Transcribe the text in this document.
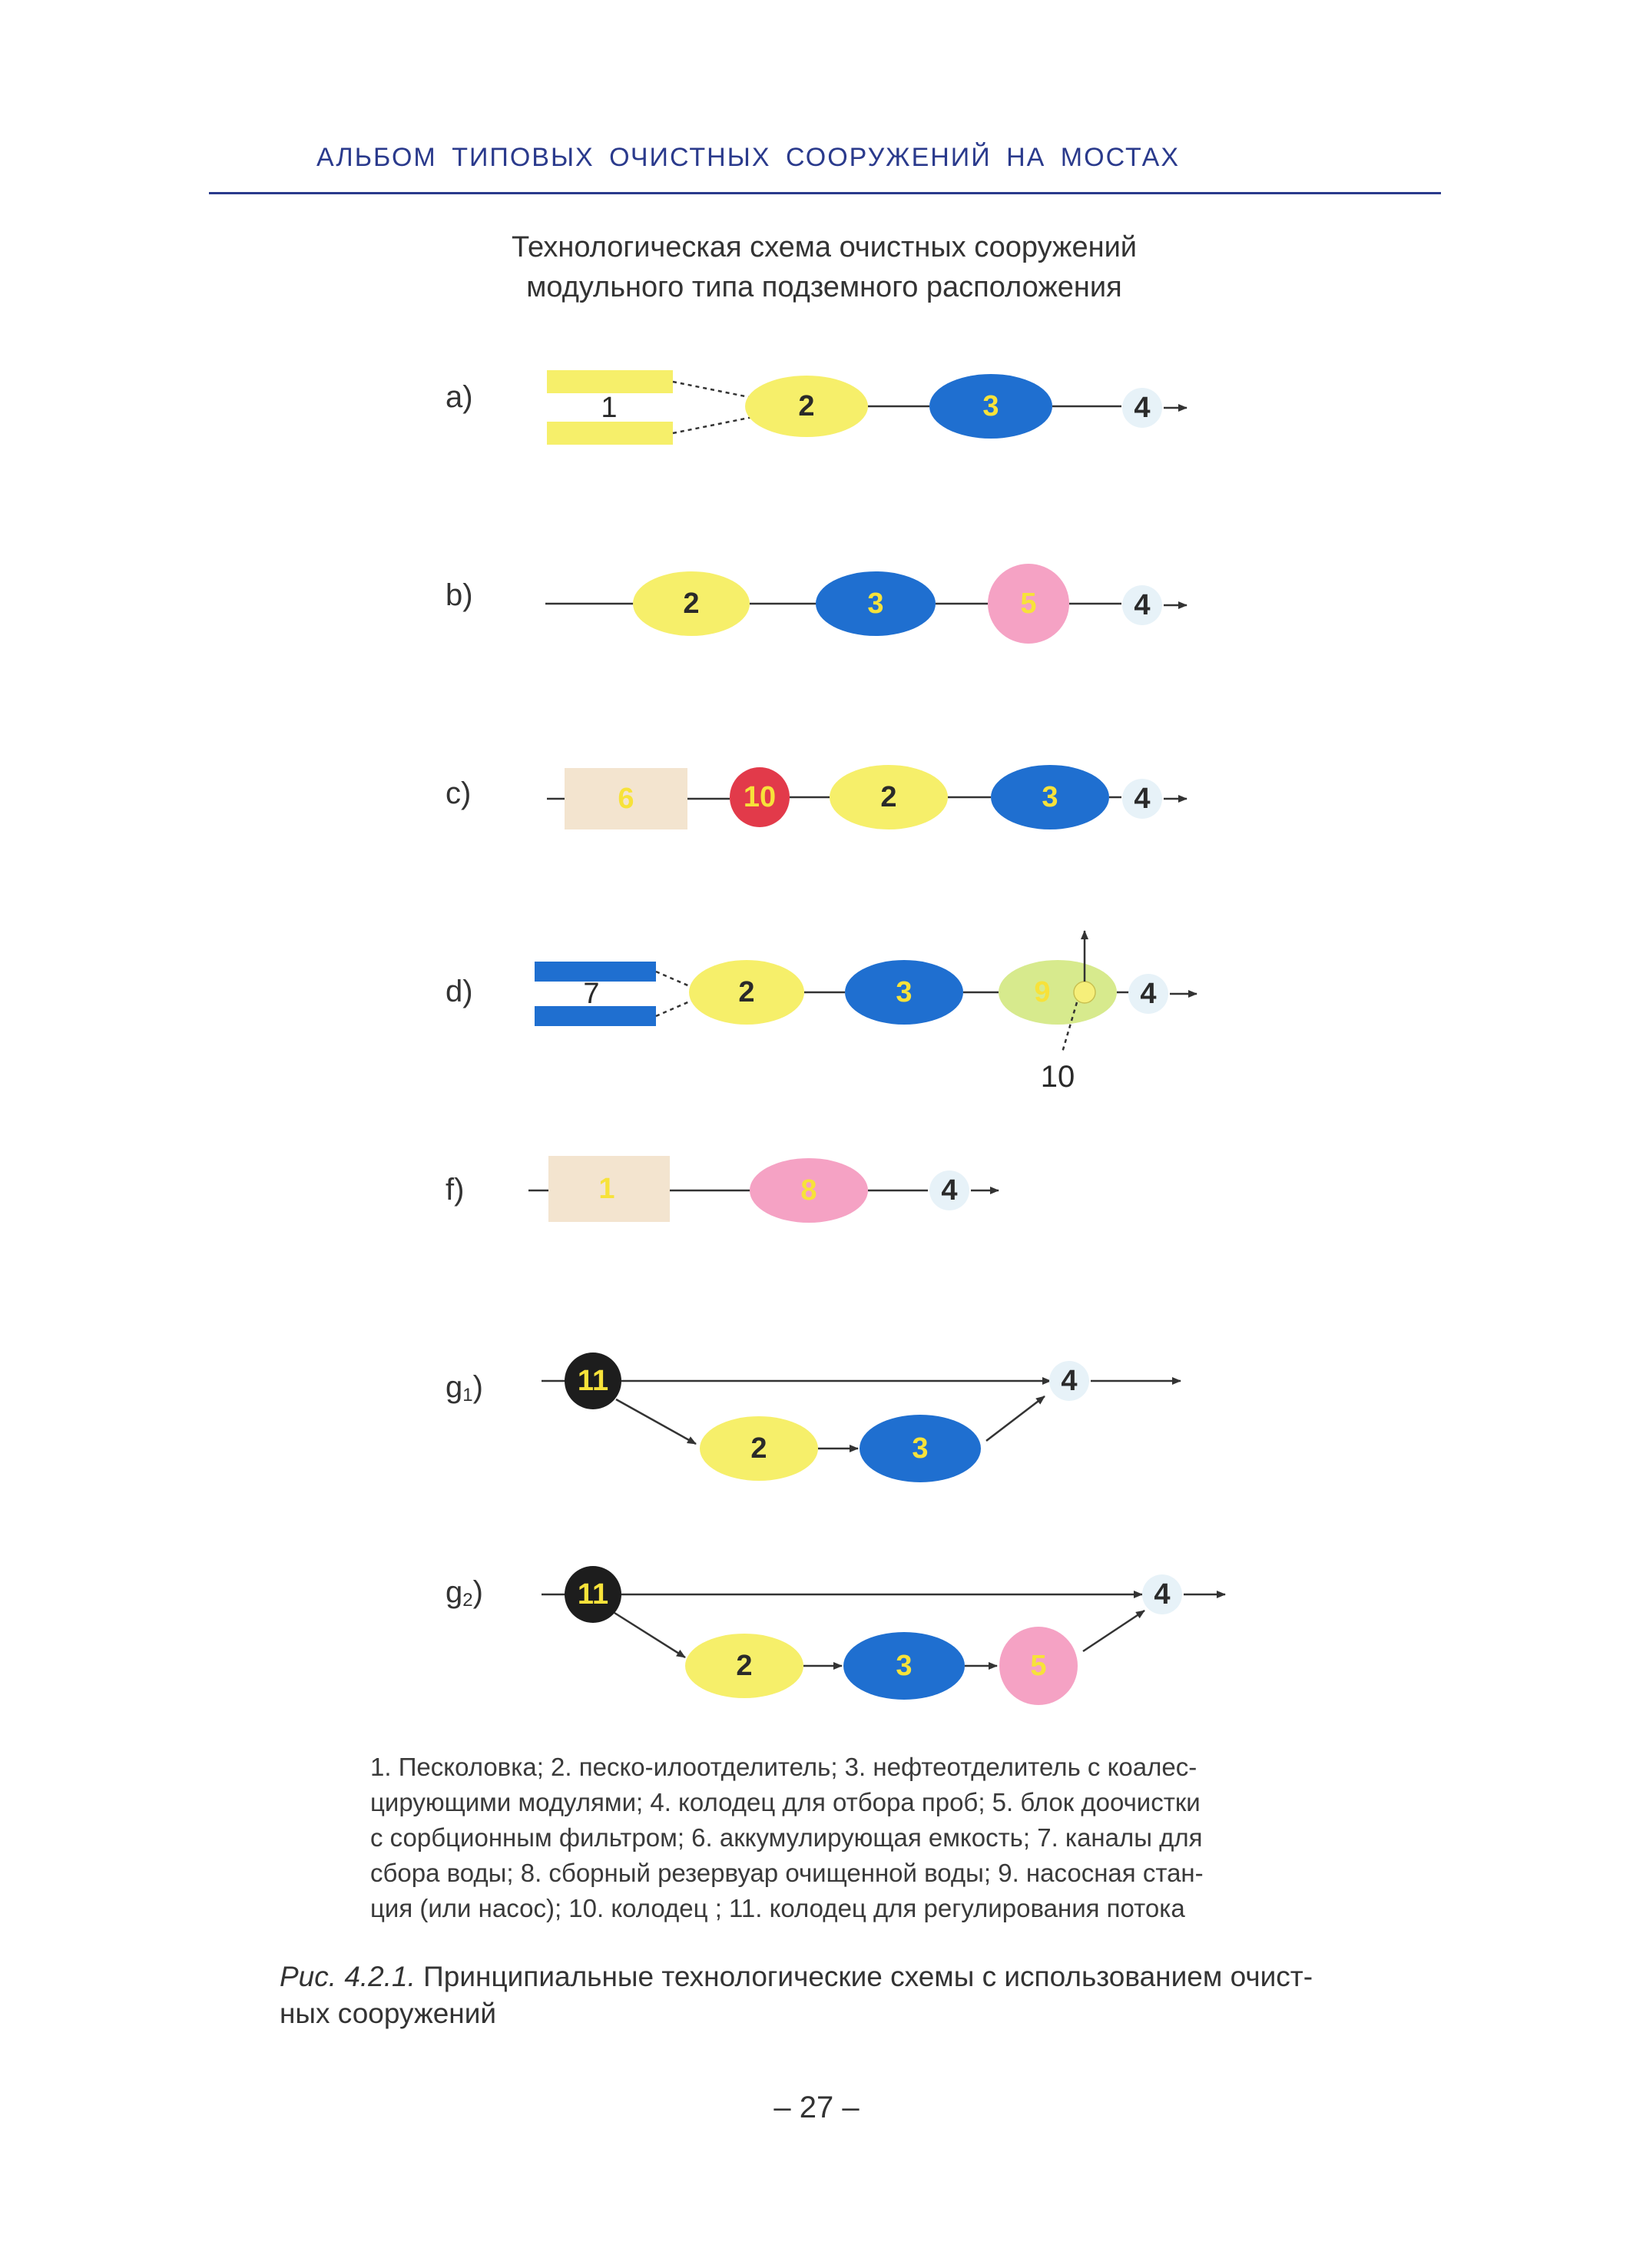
АЛЬБОМ ТИПОВЫХ ОЧИСТНЫХ СООРУЖЕНИЙ НА МОСТАХ
Технологическая схема очистных сооружений
модульного типа подземного расположения
a)	1	2	3	4
b)	2	3	5	4
c)	6	10	2	3	4
d)	7	2	3	9
10
4
f)	1	8	4
$g_1$)	11
2	3
4
$g_2$)	11
2	3	5
4
1. Песколовка; 2. песко-илоотделитель; 3. нефтеотделитель с коалес-
цирующими модулями; 4. колодец для отбора проб; 5. блок доочистки
с сорбционным фильтром; 6. аккумулирующая емкость; 7. каналы для
сбора воды; 8. сборный резервуар очищенной воды; 9. насосная стан-
ция (или насос); 10. колодец ; 11. колодец для регулирования потока
Рис. 4.2.1. Принципиальные технологические схемы с использованием очист-
ных сооружений
– 27 –
